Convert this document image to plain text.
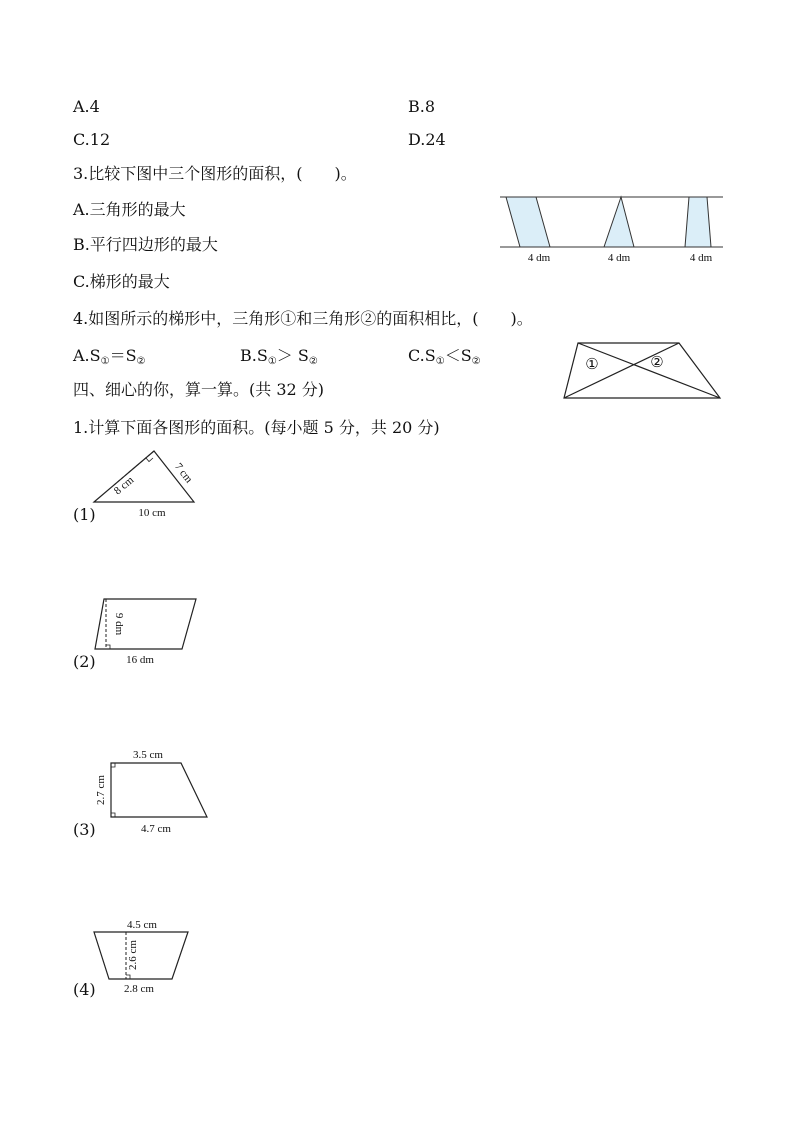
A.4	B.8
C.12	D.24
3.比较下图中三个图形的面积，(　　)。
A.三角形的最大
B.平行四边形的最大
C.梯形的最大
4 dm	4 dm	4 dm
4.如图所示的梯形中，三角形①和三角形②的面积相比，(　　)。
$A.S_①=S_②$	$B.S_①> S_②$	$C.S_①<S_②$	①	②
四、细心的你，算一算。(共 32 分)
1.计算下面各图形的面积。(每小题 5 分，共 20 分)
(1)
7 cm
8 cm
10 cm
(2)
9 dm
16 dm
(3)
3.5 cm
2.7 cm
4.7 cm
(4)
4.5 cm
2.6 cm
2.8 cm
